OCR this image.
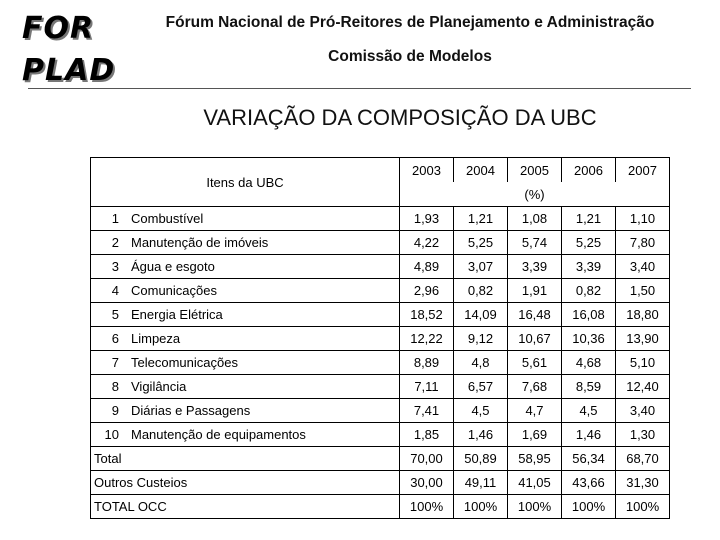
FOR
PLAD
Fórum Nacional de Pró-Reitores de Planejamento e Administração
Comissão de Modelos
VARIAÇÃO DA COMPOSIÇÃO DA UBC
Itens da UBC		2003	2004	2005	2006	2007
		(%)				
1	Combustível	1,93	1,21	1,08	1,21	1,10
2	Manutenção de imóveis	4,22	5,25	5,74	5,25	7,80
3	Água e esgoto	4,89	3,07	3,39	3,39	3,40
4	Comunicações	2,96	0,82	1,91	0,82	1,50
5	Energia Elétrica	18,52	14,09	16,48	16,08	18,80
6	Limpeza	12,22	9,12	10,67	10,36	13,90
7	Telecomunicações	8,89	4,8	5,61	4,68	5,10
8	Vigilância	7,11	6,57	7,68	8,59	12,40
9	Diárias e Passagens	7,41	4,5	4,7	4,5	3,40
10	Manutenção de equipamentos	1,85	1,46	1,69	1,46	1,30
Total		70,00	50,89	58,95	56,34	68,70
Outros Custeios		30,00	49,11	41,05	43,66	31,30
TOTAL OCC		100%	100%	100%	100%	100%
